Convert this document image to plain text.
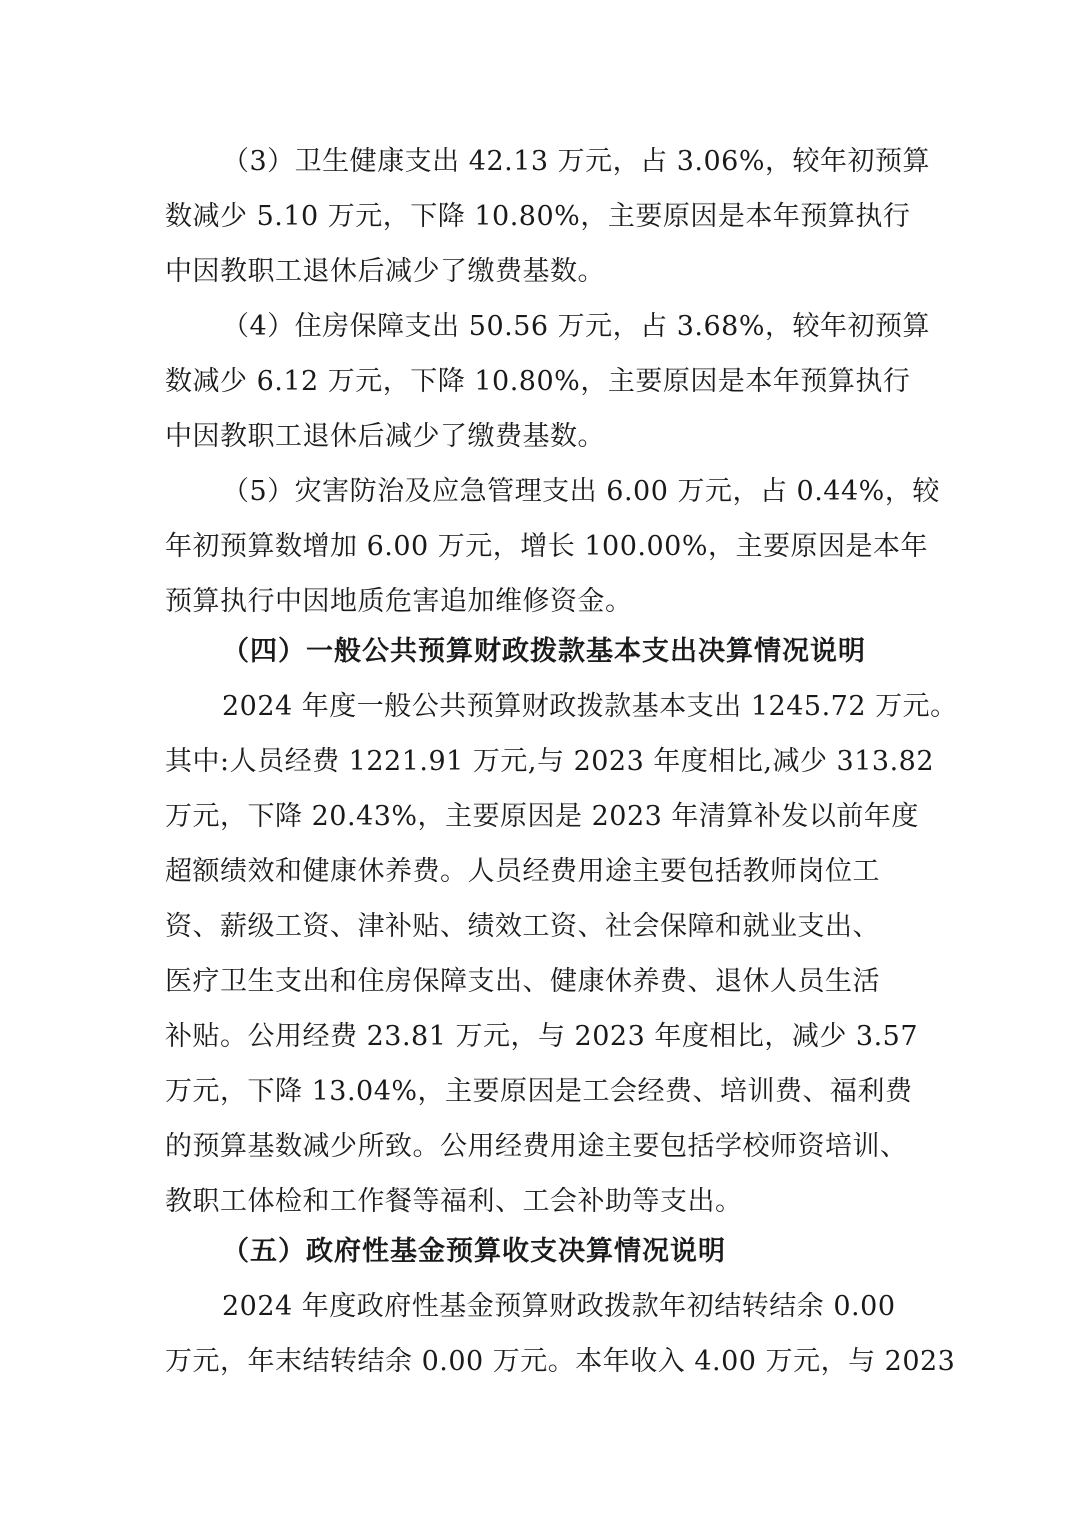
（3）卫生健康支出 42.13 万元，占 3.06%，较年初预算
数减少 5.10 万元，下降 10.80%，主要原因是本年预算执行
中因教职工退休后减少了缴费基数。
（4）住房保障支出 50.56 万元，占 3.68%，较年初预算
数减少 6.12 万元，下降 10.80%，主要原因是本年预算执行
中因教职工退休后减少了缴费基数。
（5）灾害防治及应急管理支出 6.00 万元，占 0.44%，较
年初预算数增加 6.00 万元，增长 100.00%，主要原因是本年
预算执行中因地质危害追加维修资金。
（四）一般公共预算财政拨款基本支出决算情况说明
2024 年度一般公共预算财政拨款基本支出 1245.72 万元。
其中:人员经费 1221.91 万元,与 2023 年度相比,减少 313.82
万元，下降 20.43%，主要原因是 2023 年清算补发以前年度
超额绩效和健康休养费。人员经费用途主要包括教师岗位工
资、薪级工资、津补贴、绩效工资、社会保障和就业支出、
医疗卫生支出和住房保障支出、健康休养费、退休人员生活
补贴。公用经费 23.81 万元，与 2023 年度相比，减少 3.57
万元，下降 13.04%，主要原因是工会经费、培训费、福利费
的预算基数减少所致。公用经费用途主要包括学校师资培训、
教职工体检和工作餐等福利、工会补助等支出。
（五）政府性基金预算收支决算情况说明
2024 年度政府性基金预算财政拨款年初结转结余 0.00
万元，年末结转结余 0.00 万元。本年收入 4.00 万元，与 2023
